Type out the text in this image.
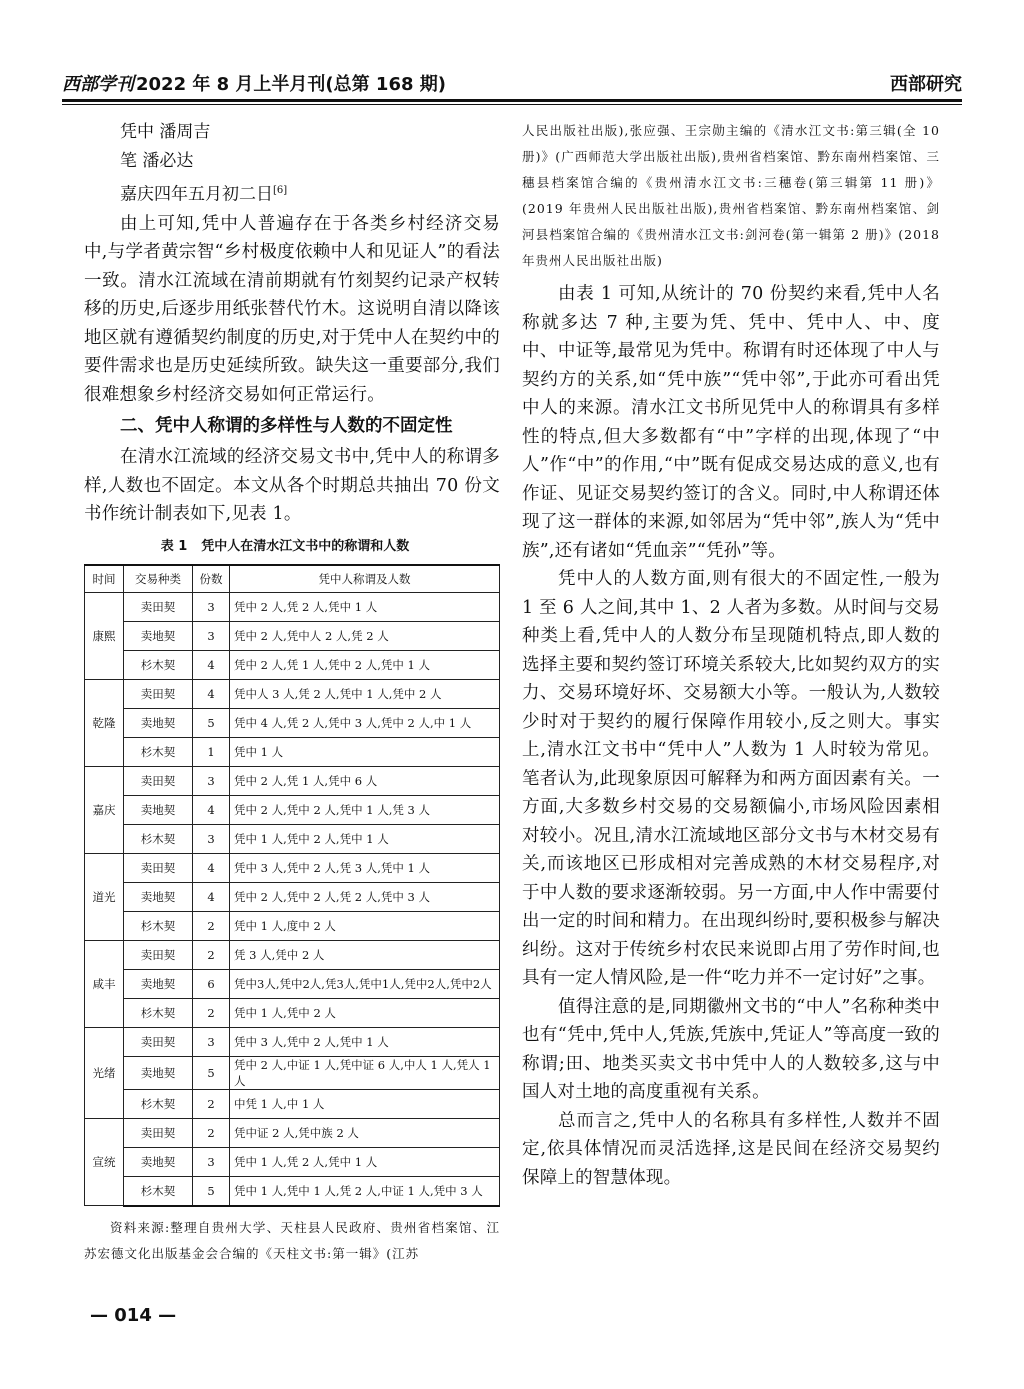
西部学刊 2022 年 8 月上半月刊(总第 168 期)	西部研究
凭中 潘周吉
笔 潘必达
嘉庆四年五月初二日[6]

由上可知,凭中人普遍存在于各类乡村经济交易中,与学者黄宗智“乡村极度依赖中人和见证人”的看法一致。清水江流域在清前期就有竹刻契约记录产权转移的历史,后逐步用纸张替代竹木。这说明自清以降该地区就有遵循契约制度的历史,对于凭中人在契约中的要件需求也是历史延续所致。缺失这一重要部分,我们很难想象乡村经济交易如何正常运行。

二、凭中人称谓的多样性与人数的不固定性

在清水江流域的经济交易文书中,凭中人的称谓多样,人数也不固定。本文从各个时期总共抽出 70 份文书作统计制表如下,见表 1。

表 1 凭中人在清水江文书中的称谓和人数
时间	交易种类	份数	凭中人称谓及人数
康熙	卖田契	3	凭中 2 人,凭 2 人,凭中 1 人
	卖地契	3	凭中 2 人,凭中人 2 人,凭 2 人
	杉木契	4	凭中 2 人,凭 1 人,凭中 2 人,凭中 1 人
乾隆	卖田契	4	凭中人 3 人,凭 2 人,凭中 1 人,凭中 2 人
	卖地契	5	凭中 4 人,凭 2 人,凭中 3 人,凭中 2 人,中 1 人
	杉木契	1	凭中 1 人
嘉庆	卖田契	3	凭中 2 人,凭 1 人,凭中 6 人
	卖地契	4	凭中 2 人,凭中 2 人,凭中 1 人,凭 3 人
	杉木契	3	凭中 1 人,凭中 2 人,凭中 1 人
道光	卖田契	4	凭中 3 人,凭中 2 人,凭 3 人,凭中 1 人
	卖地契	4	凭中 2 人,凭中 2 人,凭 2 人,凭中 3 人
	杉木契	2	凭中 1 人,度中 2 人
咸丰	卖田契	2	凭 3 人,凭中 2 人
	卖地契	6	凭中3人,凭中2人,凭3人,凭中1人,凭中2人,凭中2人
	杉木契	2	凭中 1 人,凭中 2 人
光绪	卖田契	3	凭中 3 人,凭中 2 人,凭中 1 人
	卖地契	5	凭中 2 人,中证 1 人,凭中证 6 人,中人 1 人,凭人 1 人
	杉木契	2	中凭 1 人,中 1 人
宣统	卖田契	2	凭中证 2 人,凭中族 2 人
	卖地契	3	凭中 1 人,凭 2 人,凭中 1 人
	杉木契	5	凭中 1 人,凭中 1 人,凭 2 人,中证 1 人,凭中 3 人
资料来源:整理自贵州大学、天柱县人民政府、贵州省档案馆、江苏宏德文化出版基金会合编的《天柱文书:第一辑》(江苏
人民出版社出版),张应强、王宗勋主编的《清水江文书:第三辑(全 10 册)》(广西师范大学出版社出版),贵州省档案馆、黔东南州档案馆、三穗县档案馆合编的《贵州清水江文书:三穗卷(第三辑第 11 册)》(2019 年贵州人民出版社出版),贵州省档案馆、黔东南州档案馆、剑河县档案馆合编的《贵州清水江文书:剑河卷(第一辑第 2 册)》(2018 年贵州人民出版社出版)

由表 1 可知,从统计的 70 份契约来看,凭中人名称就多达 7 种,主要为凭、凭中、凭中人、中、度中、中证等,最常见为凭中。称谓有时还体现了中人与契约方的关系,如“凭中族”“凭中邻”,于此亦可看出凭中人的来源。清水江文书所见凭中人的称谓具有多样性的特点,但大多数都有“中”字样的出现,体现了“中人”作“中”的作用,“中”既有促成交易达成的意义,也有作证、见证交易契约签订的含义。同时,中人称谓还体现了这一群体的来源,如邻居为“凭中邻”,族人为“凭中族”,还有诸如“凭血亲”“凭孙”等。

凭中人的人数方面,则有很大的不固定性,一般为 1 至 6 人之间,其中 1、2 人者为多数。从时间与交易种类上看,凭中人的人数分布呈现随机特点,即人数的选择主要和契约签订环境关系较大,比如契约双方的实力、交易环境好坏、交易额大小等。一般认为,人数较少时对于契约的履行保障作用较小,反之则大。事实上,清水江文书中“凭中人”人数为 1 人时较为常见。笔者认为,此现象原因可解释为和两方面因素有关。一方面,大多数乡村交易的交易额偏小,市场风险因素相对较小。况且,清水江流域地区部分文书与木材交易有关,而该地区已形成相对完善成熟的木材交易程序,对于中人数的要求逐渐较弱。另一方面,中人作中需要付出一定的时间和精力。在出现纠纷时,要积极参与解决纠纷。这对于传统乡村农民来说即占用了劳作时间,也具有一定人情风险,是一件“吃力并不一定讨好”之事。

值得注意的是,同期徽州文书的“中人”名称种类中也有“凭中,凭中人,凭族,凭族中,凭证人”等高度一致的称谓;田、地类买卖文书中凭中人的人数较多,这与中国人对土地的高度重视有关系。

总而言之,凭中人的名称具有多样性,人数并不固定,依具体情况而灵活选择,这是民间在经济交易契约保障上的智慧体现。

— 014 —
